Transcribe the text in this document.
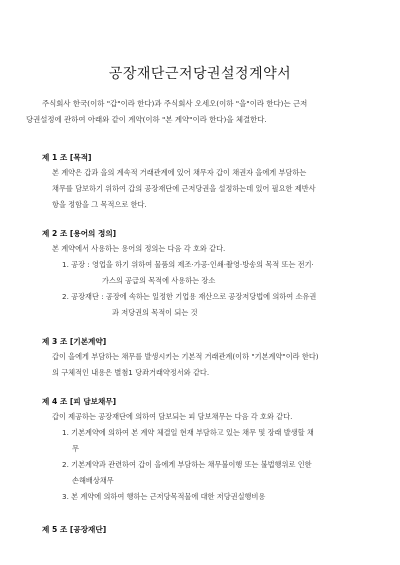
공장재단근저당권설정계약서
주식회사 한국(이하 "갑"이라 한다)과 주식회사 오세오(이하 "을"이라 한다)는 근저
당권설정에 관하여 아래와 같이 계약(이하 "본 계약"이라 한다)을 체결한다.
제 1 조 [목적]
본 계약은 갑과 을의 계속적 거래관계에 있어 채무자 갑이 채권자 을에게 부담하는
채무를 담보하기 위하여 갑의 공장재단에 근저당권을 설정하는데 있어 필요한 제반사
항을 정함을 그 목적으로 한다.
제 2 조 [용어의 정의]
본 계약에서 사용하는 용어의 정의는 다음 각 호와 같다.
1. 공장 : 영업을 하기 위하여 물품의 제조·가공·인쇄·촬영·방송의 목적 또는 전기·
가스의 공급의 목적에 사용하는 장소
2. 공장재단 : 공장에 속하는 일정한 기업용 재산으로 공장저당법에 의하여 소유권
과 저당권의 목적이 되는 것
제 3 조 [기본계약]
갑이 을에게 부담하는 채무를 발생시키는 기본적 거래관계(이하 "기본계약"이라 한다)
의 구체적인 내용은 별첨1 당좌거래약정서와 같다.
제 4 조 [피 담보채무]
갑이 제공하는 공장재단에 의하여 담보되는 피 담보채무는 다음 각 호와 같다.
1. 기본계약에 의하여 본 계약 체결일 현재 부담하고 있는 채무 및 장래 발생할 채
무
2. 기본계약과 관련하여 갑이 을에게 부담하는 채무불이행 또는 불법행위로 인한
손해배상채무
3. 본 계약에 의하여 행하는 근저당목적물에 대한 저당권실행비용
제 5 조 [공장재단]
